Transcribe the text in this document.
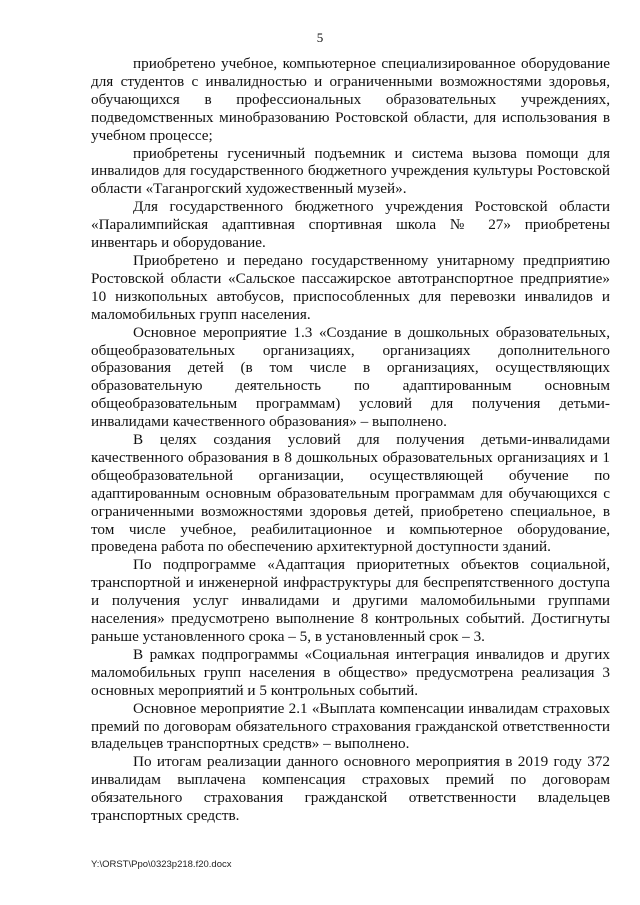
5

приобретено учебное, компьютерное специализированное оборудование для студентов с инвалидностью и ограниченными возможностями здоровья, обучающихся в профессиональных образовательных учреждениях, подведомственных минобразованию Ростовской области, для использования в учебном процессе;

приобретены гусеничный подъемник и система вызова помощи для инвалидов для государственного бюджетного учреждения культуры Ростовской области «Таганрогский художественный музей».

Для государственного бюджетного учреждения Ростовской области «Паралимпийская адаптивная спортивная школа № 27» приобретены инвентарь и оборудование.

Приобретено и передано государственному унитарному предприятию Ростовской области «Сальское пассажирское автотранспортное предприятие» 10 низкопольных автобусов, приспособленных для перевозки инвалидов и маломобильных групп населения.

Основное мероприятие 1.3 «Создание в дошкольных образовательных, общеобразовательных организациях, организациях дополнительного образования детей (в том числе в организациях, осуществляющих образовательную деятельность по адаптированным основным общеобразовательным программам) условий для получения детьми-инвалидами качественного образования» – выполнено.

В целях создания условий для получения детьми-инвалидами качественного образования в 8 дошкольных образовательных организациях и 1 общеобразовательной организации, осуществляющей обучение по адаптированным основным образовательным программам для обучающихся с ограниченными возможностями здоровья детей, приобретено специальное, в том числе учебное, реабилитационное и компьютерное оборудование, проведена работа по обеспечению архитектурной доступности зданий.

По подпрограмме «Адаптация приоритетных объектов социальной, транспортной и инженерной инфраструктуры для беспрепятственного доступа и получения услуг инвалидами и другими маломобильными группами населения» предусмотрено выполнение 8 контрольных событий. Достигнуты раньше установленного срока – 5, в установленный срок – 3.

В рамках подпрограммы «Социальная интеграция инвалидов и других маломобильных групп населения в общество» предусмотрена реализация 3 основных мероприятий и 5 контрольных событий.

Основное мероприятие 2.1 «Выплата компенсации инвалидам страховых премий по договорам обязательного страхования гражданской ответственности владельцев транспортных средств» – выполнено.

По итогам реализации данного основного мероприятия в 2019 году 372 инвалидам выплачена компенсация страховых премий по договорам обязательного страхования гражданской ответственности владельцев транспортных средств.

Y:\ORST\Ppo\0323p218.f20.docx
